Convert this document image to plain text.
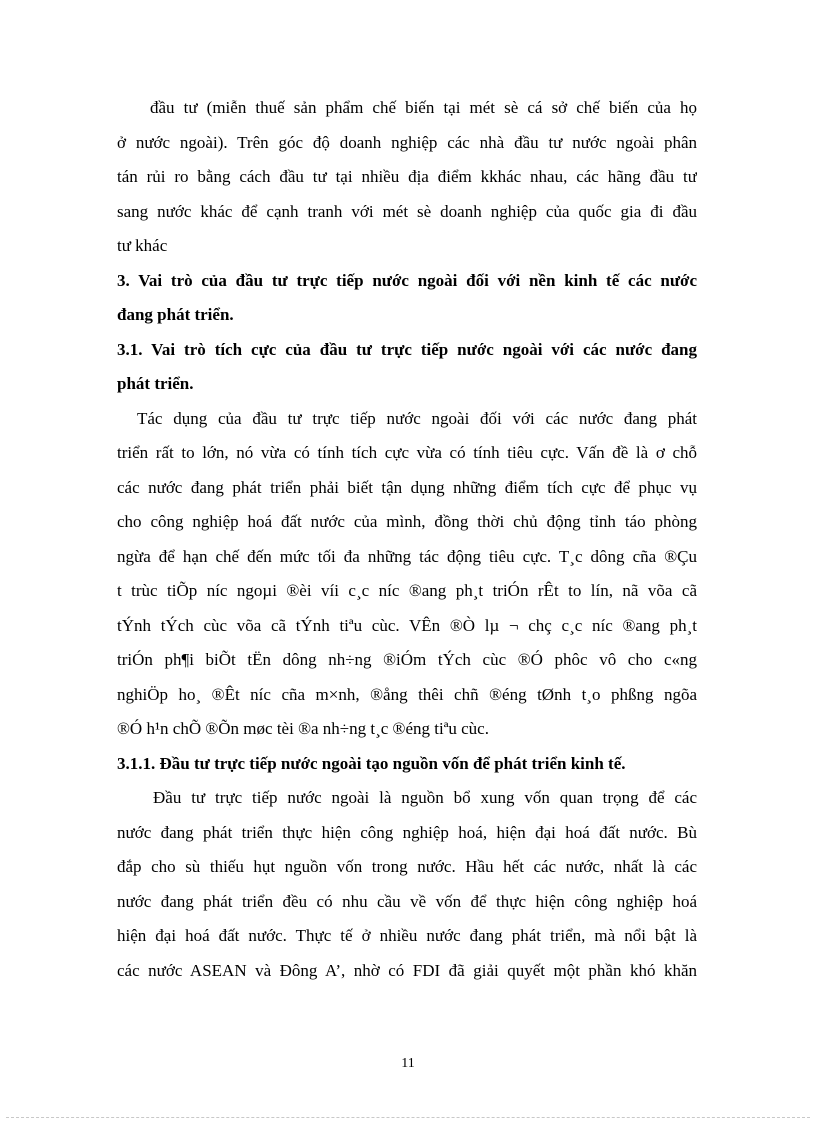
đầu tư (miễn thuế sản phẩm chế biến tại mét sè cá sở chế biến của họ
ở nước ngoài). Trên góc độ doanh nghiệp các nhà đầu tư nước ngoài phân
tán rủi ro bằng cách đầu tư tại nhiều địa điểm kkhác nhau, các hãng đầu tư
sang nước khác để cạnh tranh với mét sè doanh nghiệp của quốc gia đi đầu
tư khác
3. Vai trò của đầu tư trực tiếp nước ngoài đối với nền kinh tế các nước
đang phát triển.
3.1. Vai trò tích cực của đầu tư trực tiếp nước ngoài với các nước đang
phát triển.
Tác dụng của đầu tư trực tiếp nước ngoài đối với các nước đang phát
triển rất to lớn, nó vừa có tính tích cực vừa có tính tiêu cực. Vấn đề là ơ chỗ
các nước đang phát triển phải biết tận dụng những điểm tích cực để phục vụ
cho công nghiệp hoá đất nước của mình, đồng thời chủ động tỉnh táo phòng
ngừa để hạn chế đến mức tối đa những tác động tiêu cực. T¸c dông cña ®Çu
t trùc tiÕp níc ngoµi ®èi víi c¸c níc ®ang ph¸t triÓn rÊt to lín, nã võa cã
tÝnh tÝch cùc võa cã tÝnh tiªu cùc. VÊn ®Ò lµ ¬ chç c¸c níc ®ang ph¸t
triÓn ph¶i biÕt tËn dông nh÷ng ®iÓm tÝch cùc ®Ó phôc vô cho c«ng
nghiÖp ho¸ ®Êt níc cña m×nh, ®ång thêi chñ ®éng tØnh t¸o phßng ngõa
®Ó h¹n chÕ ®Õn møc tèi ®a nh÷ng t¸c ®éng tiªu cùc.
3.1.1. Đầu tư trực tiếp nước ngoài tạo nguồn vốn để phát triển kinh tế.
Đầu tư trực tiếp nước ngoài là nguồn bổ xung vốn quan trọng để các
nước đang phát triển thực hiện công nghiệp hoá, hiện đại hoá đất nước. Bù
đắp cho sù thiếu hụt nguồn vốn trong nước. Hầu hết các nước, nhất là các
nước đang phát triển đều có nhu cầu về vốn để thực hiện công nghiệp hoá
hiện đại hoá đất nước. Thực tế ở nhiều nước đang phát triển, mà nổi bật là
các nước ASEAN và Đông A’, nhờ có FDI đã giải quyết một phần khó khăn
11
